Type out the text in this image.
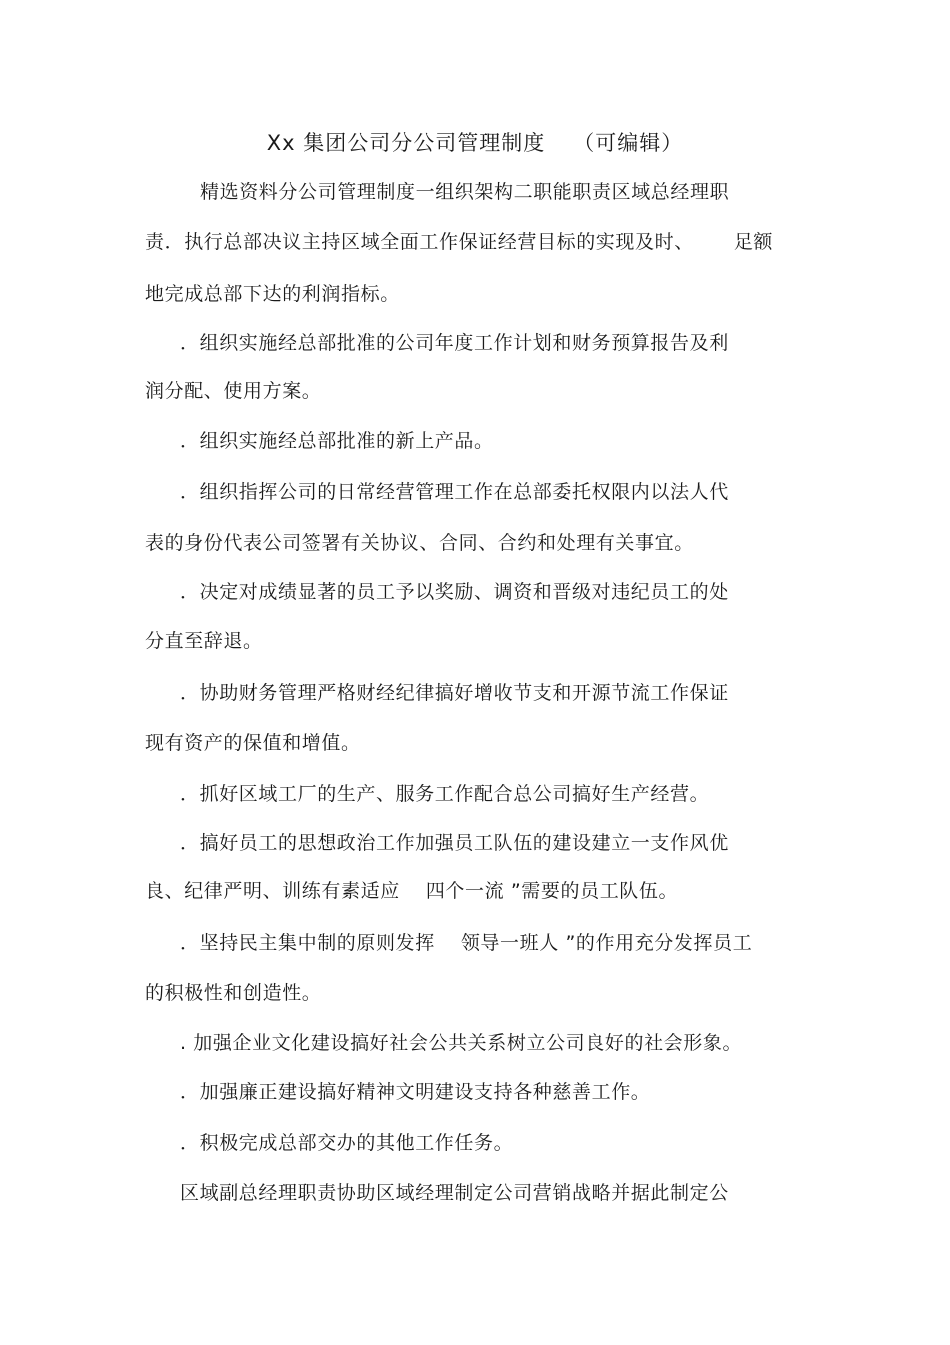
Xx 集团公司分公司管理制度 （可编辑）
精选资料分公司管理制度一组织架构二职能职责区域总经理职
责．执行总部决议主持区域全面工作保证经营目标的实现及时、 足额
地完成总部下达的利润指标。
．组织实施经总部批准的公司年度工作计划和财务预算报告及利
润分配、使用方案。
．组织实施经总部批准的新上产品。
．组织指挥公司的日常经营管理工作在总部委托权限内以法人代
表的身份代表公司签署有关协议、合同、合约和处理有关事宜。
．决定对成绩显著的员工予以奖励、调资和晋级对违纪员工的处
分直至辞退。
．协助财务管理严格财经纪律搞好增收节支和开源节流工作保证
现有资产的保值和增值。
．抓好区域工厂的生产、服务工作配合总公司搞好生产经营。
．搞好员工的思想政治工作加强员工队伍的建设建立一支作风优
良、纪律严明、训练有素适应 四个一流 ”需要的员工队伍。
．坚持民主集中制的原则发挥 领导一班人 ”的作用充分发挥员工
的积极性和创造性。
. 加强企业文化建设搞好社会公共关系树立公司良好的社会形象。
．加强廉正建设搞好精神文明建设支持各种慈善工作。
．积极完成总部交办的其他工作任务。
区域副总经理职责协助区域经理制定公司营销战略并据此制定公
